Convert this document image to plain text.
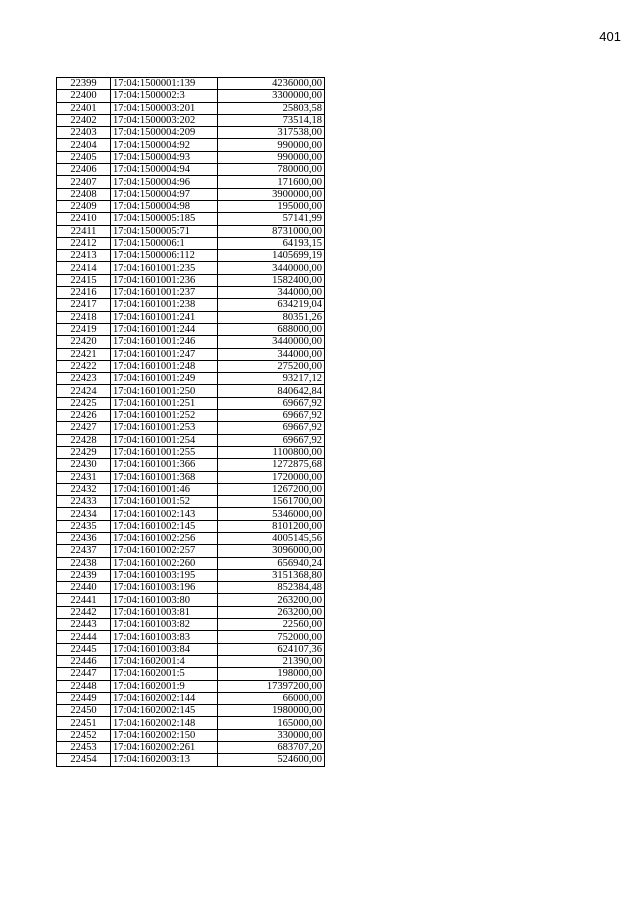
401
22399	17:04:1500001:139	4236000,00
22400	17:04:1500002:3	3300000,00
22401	17:04:1500003:201	25803,58
22402	17:04:1500003:202	73514,18
22403	17:04:1500004:209	317538,00
22404	17:04:1500004:92	990000,00
22405	17:04:1500004:93	990000,00
22406	17:04:1500004:94	780000,00
22407	17:04:1500004:96	171600,00
22408	17:04:1500004:97	3900000,00
22409	17:04:1500004:98	195000,00
22410	17:04:1500005:185	57141,99
22411	17:04:1500005:71	8731000,00
22412	17:04:1500006:1	64193,15
22413	17:04:1500006:112	1405699,19
22414	17:04:1601001:235	3440000,00
22415	17:04:1601001:236	1582400,00
22416	17:04:1601001:237	344000,00
22417	17:04:1601001:238	634219,04
22418	17:04:1601001:241	80351,26
22419	17:04:1601001:244	688000,00
22420	17:04:1601001:246	3440000,00
22421	17:04:1601001:247	344000,00
22422	17:04:1601001:248	275200,00
22423	17:04:1601001:249	93217,12
22424	17:04:1601001:250	840642,84
22425	17:04:1601001:251	69667,92
22426	17:04:1601001:252	69667,92
22427	17:04:1601001:253	69667,92
22428	17:04:1601001:254	69667,92
22429	17:04:1601001:255	1100800,00
22430	17:04:1601001:366	1272875,68
22431	17:04:1601001:368	1720000,00
22432	17:04:1601001:46	1267200,00
22433	17:04:1601001:52	1561700,00
22434	17:04:1601002:143	5346000,00
22435	17:04:1601002:145	8101200,00
22436	17:04:1601002:256	4005145,56
22437	17:04:1601002:257	3096000,00
22438	17:04:1601002:260	656940,24
22439	17:04:1601003:195	3151368,80
22440	17:04:1601003:196	852384,48
22441	17:04:1601003:80	263200,00
22442	17:04:1601003:81	263200,00
22443	17:04:1601003:82	22560,00
22444	17:04:1601003:83	752000,00
22445	17:04:1601003:84	624107,36
22446	17:04:1602001:4	21390,00
22447	17:04:1602001:5	198000,00
22448	17:04:1602001:9	17397200,00
22449	17:04:1602002:144	66000,00
22450	17:04:1602002:145	1980000,00
22451	17:04:1602002:148	165000,00
22452	17:04:1602002:150	330000,00
22453	17:04:1602002:261	683707,20
22454	17:04:1602003:13	524600,00
